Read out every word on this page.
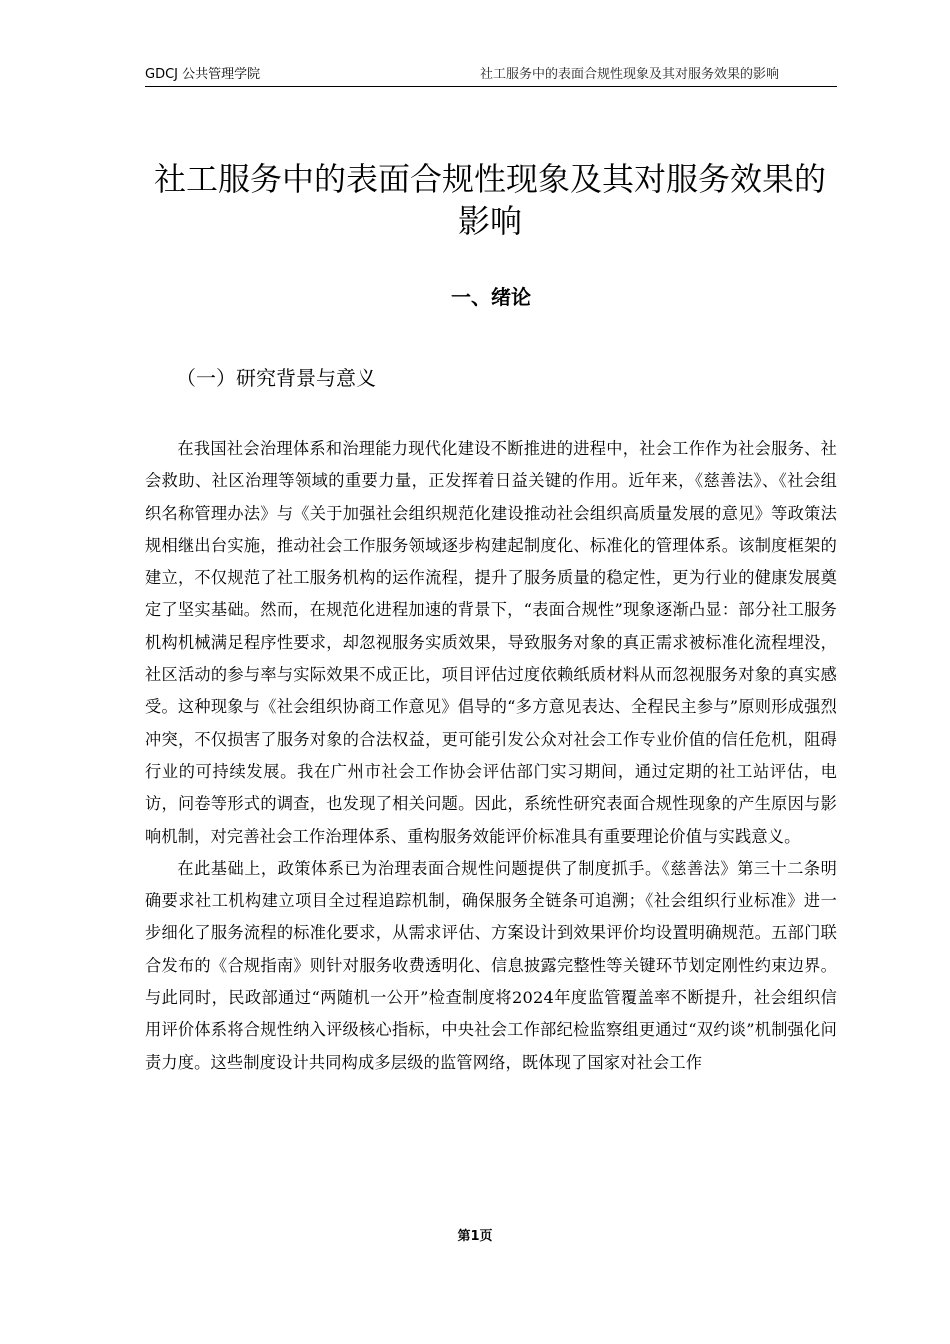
GDCJ 公共管理学院	社工服务中的表面合规性现象及其对服务效果的影响
社工服务中的表面合规性现象及其对服务效果的影响
一、绪论
（一）研究背景与意义

在我国社会治理体系和治理能力现代化建设不断推进的进程中，社会工作作为社会服务、社会救助、社区治理等领域的重要力量，正发挥着日益关键的作用。近年来，《慈善法》、《社会组织名称管理办法》与《关于加强社会组织规范化建设推动社会组织高质量发展的意见》等政策法规相继出台实施，推动社会工作服务领域逐步构建起制度化、标准化的管理体系。该制度框架的建立，不仅规范了社工服务机构的运作流程，提升了服务质量的稳定性，更为行业的健康发展奠定了坚实基础。然而，在规范化进程加速的背景下，“表面合规性”现象逐渐凸显：部分社工服务机构机械满足程序性要求，却忽视服务实质效果，导致服务对象的真正需求被标准化流程埋没，社区活动的参与率与实际效果不成正比，项目评估过度依赖纸质材料从而忽视服务对象的真实感受。这种现象与《社会组织协商工作意见》倡导的“多方意见表达、全程民主参与”原则形成强烈冲突，不仅损害了服务对象的合法权益，更可能引发公众对社会工作专业价值的信任危机，阻碍行业的可持续发展。我在广州市社会工作协会评估部门实习期间，通过定期的社工站评估，电访，问卷等形式的调查，也发现了相关问题。因此，系统性研究表面合规性现象的产生原因与影响机制，对完善社会工作治理体系、重构服务效能评价标准具有重要理论价值与实践意义。

在此基础上，政策体系已为治理表面合规性问题提供了制度抓手。《慈善法》第三十二条明确要求社工机构建立项目全过程追踪机制，确保服务全链条可追溯；《社会组织行业标准》进一步细化了服务流程的标准化要求，从需求评估、方案设计到效果评价均设置明确规范。五部门联合发布的《合规指南》则针对服务收费透明化、信息披露完整性等关键环节划定刚性约束边界。与此同时，民政部通过“两随机一公开”检查制度将2024年度监管覆盖率不断提升，社会组织信用评价体系将合规性纳入评级核心指标，中央社会工作部纪检监察组更通过“双约谈”机制强化问责力度。这些制度设计共同构成多层级的监管网络，既体现了国家对社会工作

第1页
